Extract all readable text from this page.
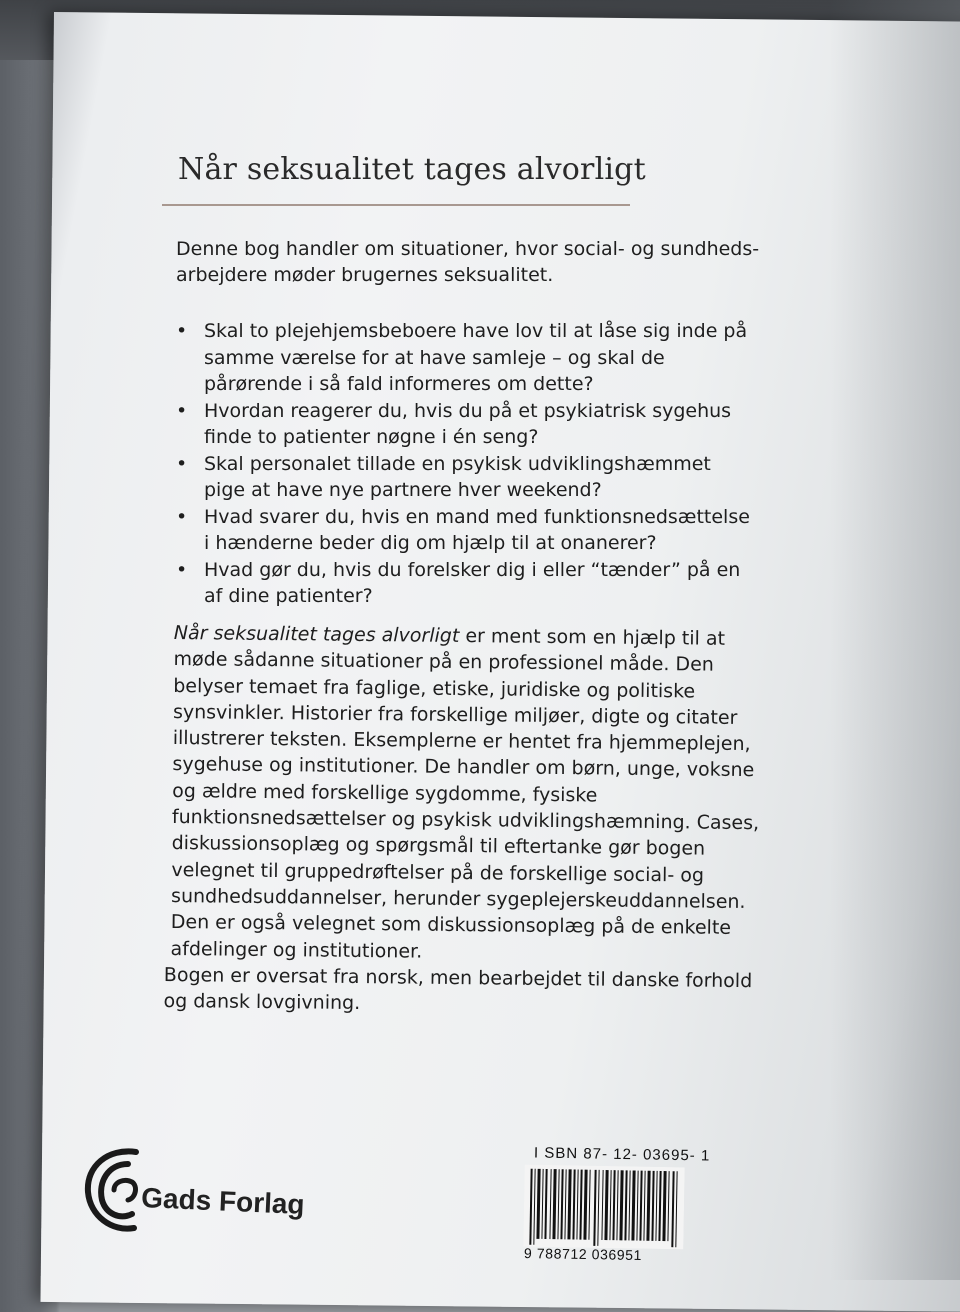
Når seksualitet tages alvorligt
Denne bog handler om situationer, hvor social- og sundheds-arbejdere møder brugernes seksualitet.
• Skal to plejehjemsbeboere have lov til at låse sig inde på samme værelse for at have samleje – og skal de pårørende i så fald informeres om dette?
• Hvordan reagerer du, hvis du på et psykiatrisk sygehus finde to patienter nøgne i én seng?
• Skal personalet tillade en psykisk udviklingshæmmet pige at have nye partnere hver weekend?
• Hvad svarer du, hvis en mand med funktionsnedsættelse i hænderne beder dig om hjælp til at onanerer?
• Hvad gør du, hvis du forelsker dig i eller “tænder” på en af dine patienter?
Når seksualitet tages alvorligt er ment som en hjælp til at møde sådanne situationer på en professionel måde. Den belyser temaet fra faglige, etiske, juridiske og politiske synsvinkler. Historier fra forskellige miljøer, digte og citater illustrerer teksten. Eksemplerne er hentet fra hjemmeplejen, sygehuse og institutioner. De handler om børn, unge, voksne og ældre med forskellige sygdomme, fysiske funktionsnedsættelser og psykisk udviklingshæmning. Cases, diskussionsoplæg og spørgsmål til eftertanke gør bogen velegnet til gruppedrøftelser på de forskellige social- og sundhedsuddannelser, herunder sygeplejerskeuddannelsen. Den er også velegnet som diskussionsoplæg på de enkelte afdelinger og institutioner.
Bogen er oversat fra norsk, men bearbejdet til danske forhold og dansk lovgivning.
Gads Forlag
I SBN 87- 12- 03695- 1
9 788712 036951
